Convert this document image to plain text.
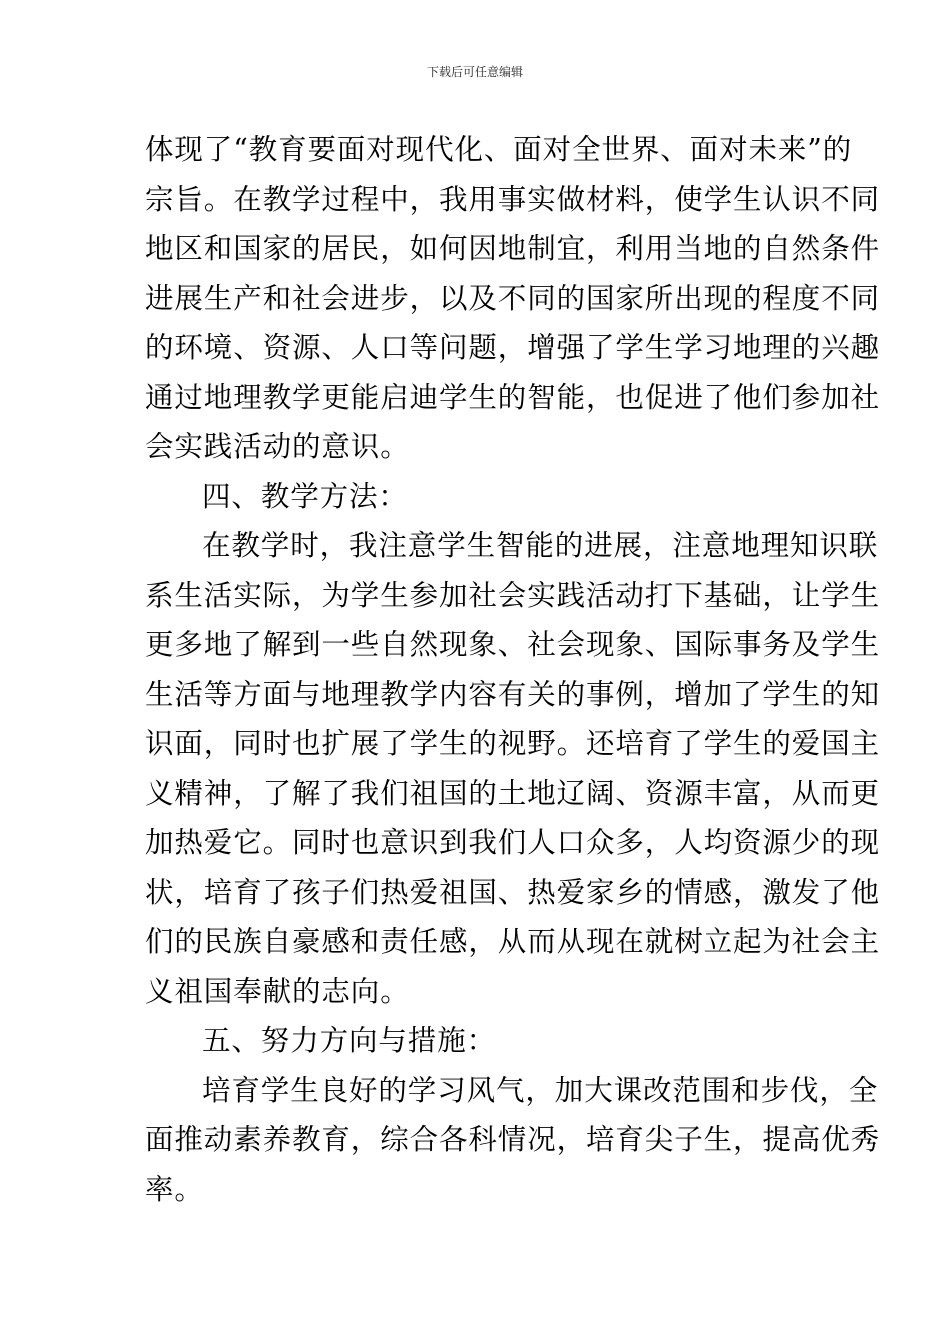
下载后可任意编辑
体现了“教育要面对现代化、面对全世界、面对未来”的
宗旨。在教学过程中，我用事实做材料，使学生认识不同
地区和国家的居民，如何因地制宜，利用当地的自然条件
进展生产和社会进步，以及不同的国家所出现的程度不同
的环境、资源、人口等问题，增强了学生学习地理的兴趣
通过地理教学更能启迪学生的智能，也促进了他们参加社
会实践活动的意识。
四、教学方法：
在教学时，我注意学生智能的进展，注意地理知识联
系生活实际，为学生参加社会实践活动打下基础，让学生
更多地了解到一些自然现象、社会现象、国际事务及学生
生活等方面与地理教学内容有关的事例，增加了学生的知
识面，同时也扩展了学生的视野。还培育了学生的爱国主
义精神，了解了我们祖国的土地辽阔、资源丰富，从而更
加热爱它。同时也意识到我们人口众多，人均资源少的现
状，培育了孩子们热爱祖国、热爱家乡的情感，激发了他
们的民族自豪感和责任感，从而从现在就树立起为社会主
义祖国奉献的志向。
五、努力方向与措施：
培育学生良好的学习风气，加大课改范围和步伐，全
面推动素养教育，综合各科情况，培育尖子生，提高优秀
率。
